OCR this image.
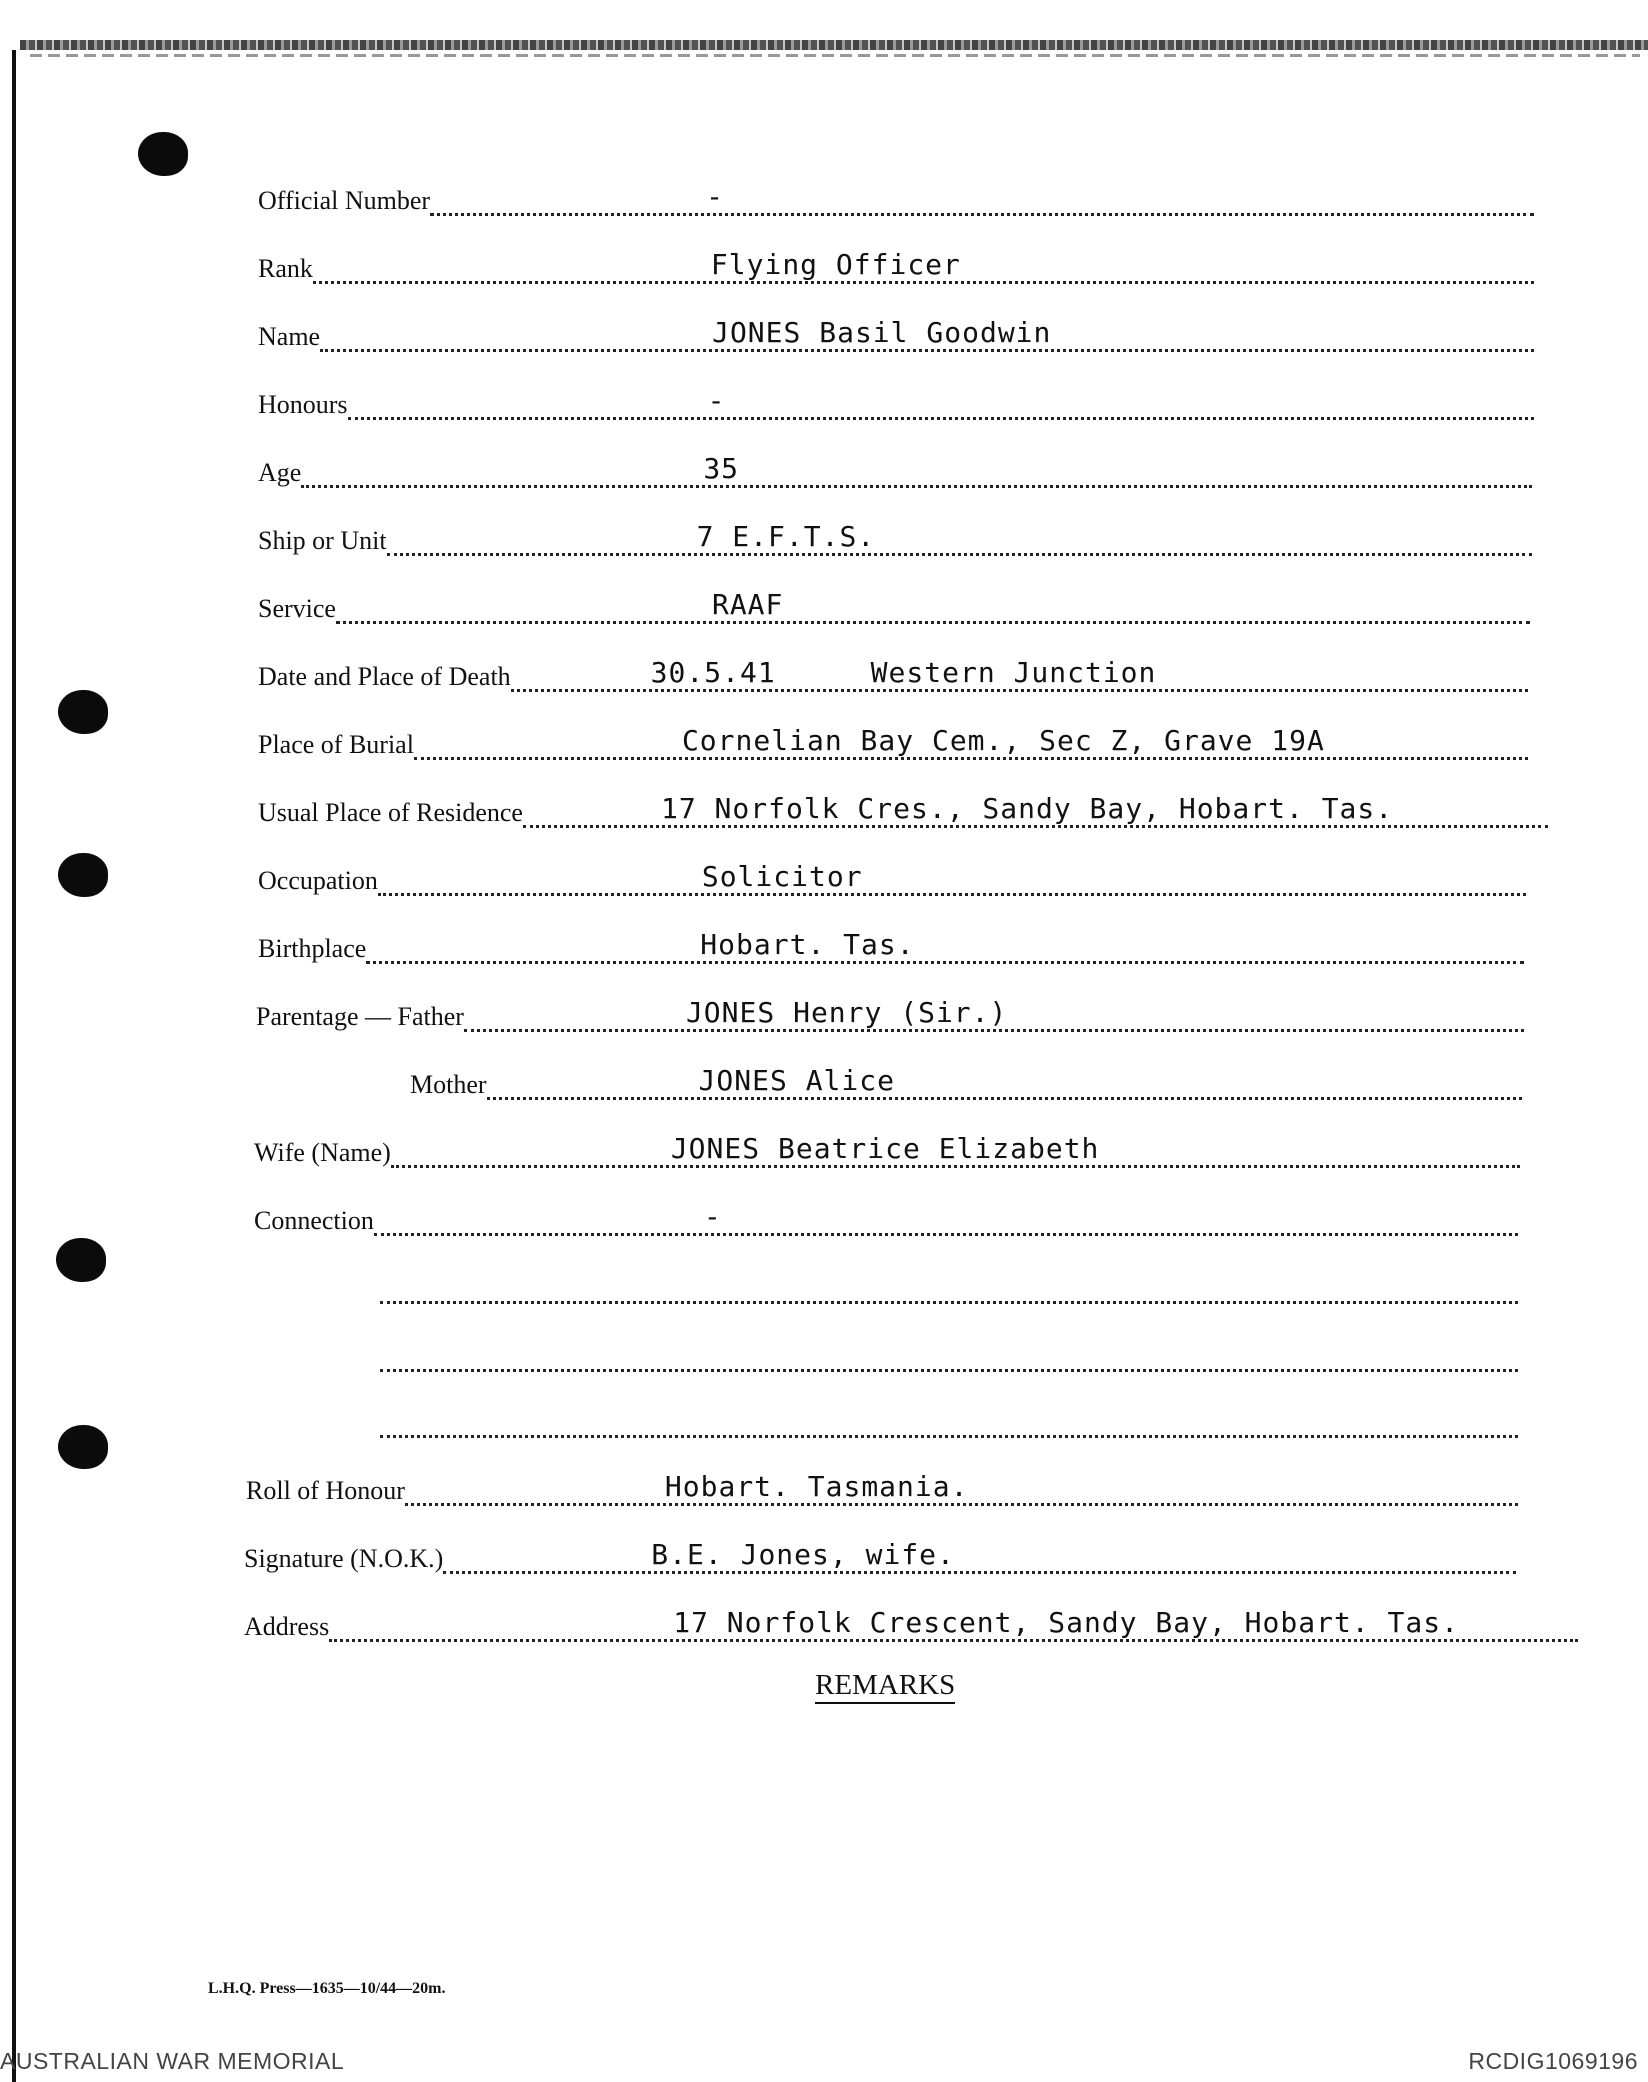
Official Number	-
Rank	Flying Officer
Name	JONES Basil Goodwin
Honours	-
Age	35
Ship or Unit	7 E.F.T.S.
Service	RAAF
Date and Place of Death	30.5.41	Western Junction
Place of Burial	Cornelian Bay Cem., Sec Z, Grave 19A
Usual Place of Residence	17 Norfolk Cres., Sandy Bay, Hobart. Tas.
Occupation	Solicitor
Birthplace	Hobart. Tas.
Parentage — Father	JONES Henry (Sir.)
Mother	JONES Alice
Wife (Name)	JONES Beatrice Elizabeth
Connection	-
Roll of Honour	Hobart. Tasmania.
Signature (N.O.K.)	B.E. Jones, wife.
Address	17 Norfolk Crescent, Sandy Bay, Hobart. Tas.
REMARKS
L.H.Q. Press—1635—10/44—20m.
AUSTRALIAN WAR MEMORIAL	RCDIG1069196
